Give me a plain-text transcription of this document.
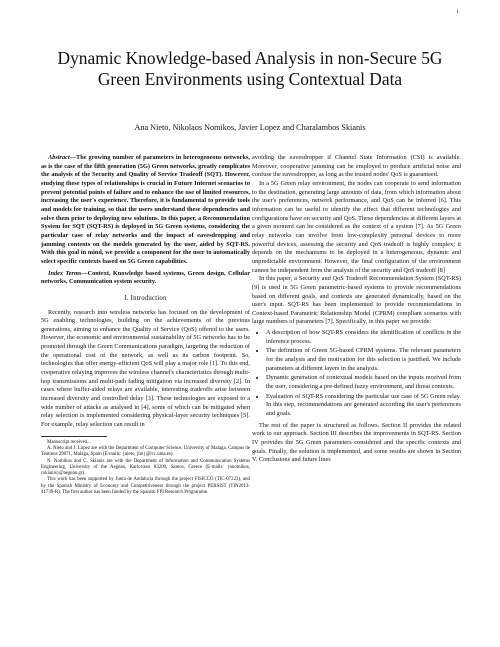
1
Dynamic Knowledge-based Analysis in non-Secure 5G Green Environments using Contextual Data
Ana Nieto, Nikolaos Nomikos, Javier Lopez and Charalambos Skianis

Abstract—The growing number of parameters in heterogeneous networks, as is the case of the fifth generation (5G) Green networks, greatly complicates the analysis of the Security and Quality of Service Tradeoff (SQT). However, studying these types of relationships is crucial in Future Internet scenarios to prevent potential points of failure and to enhance the use of limited resources, increasing the user's experience. Therefore, it is fundamental to provide tools and models for training, so that the users understand these dependencies and solve them prior to deploying new solutions. In this paper, a Recommendation System for SQT (SQT-RS) is deployed in 5G Green systems, considering the particular case of relay networks and the impact of eavesdropping and jamming contents on the models generated by the user, aided by SQT-RS. With this goal in mind, we provide a component for the user to automatically select specific contexts based on 5G Green capabilities.

Index Terms—Context, Knowledge based systems, Green design, Cellular networks, Communication system security.

I. Introduction

Recently, research into wireless networks has focused on the development of 5G enabling technologies, building on the achievements of the previous generations, aiming to enhance the Quality of Service (QoS) offered to the users. However, the economic and environmental sustainability of 5G networks has to be promoted through the Green Communications paradigm, targeting the reduction of the operational cost of the network, as well as its carbon footprint. So, technologies that offer energy-efficient QoS will play a major role [1]. To this end, cooperative relaying improves the wireless channel's characteristics through multi-hop transmissions and multi-path fading mitigation via increased diversity [2]. In cases where buffer-aided relays are available, interesting tradeoffs arise between increased diversity and controlled delay [3]. These technologies are exposed to a wide number of attacks as analysed in [4], some of which can be mitigated when relay selection is implemented considering physical-layer security techniques [5]. For example, relay selection can result in

Manuscript received...

A. Nieto and J. Lopez are with the Department of Computer Science, University of Malaga, Campus de Teatinos 29071, Malaga, Spain (E-mails: {nieto, jlm}@lcc.uma.es).

N. Nomikos and C. Skianis are with the Department of Information and Communication Systems Engineering, University of the Aegean, Karlovassi 83200, Samos, Greece (E-mails: {nnomikos, cskianis}@aegean.gr).

This work has been supported by Junta de Andalucia through the project FISICCO (TIC-07223), and by the Spanish Ministry of Economy and Competitiveness through the project PERSIST (TIN2013-41739-R). The first author has been funded by the Spanish FPI Research Programme.

avoiding the eavesdropper if Channel State Information (CSI) is available. Moreover, cooperative jamming can be employed to produce artificial noise and confuse the eavesdropper, as long as the trusted nodes' QoS is guaranteed.

In a 5G Green relay environment, the nodes can cooperate to send information to the destination, generating large amounts of data, from which information about the user's preferences, network performance, and QoS can be inferred [6]. This information can be useful to identify the effect that different technologies and configurations have on security and QoS. These dependencies at different layers at a given moment can be considered as the context of a system [7]. As 5G Green relay networks can involve from low-complexity personal devices to more powerful devices, assessing the security and QoS tradeoff is highly complex; it depends on the mechanisms to be deployed in a heterogeneous, dynamic and unpredictable environment. However, the final configuration of the environment cannot be independent from the analysis of the security and QoS tradeoff [8]

In this paper, a Security and QoS Tradeoff Recommendation System (SQT-RS) [9] is used in 5G Green parametric-based systems to provide recommendations based on different goals, and contexts are generated dynamically, based on the user's input. SQT-RS has been implemented to provide recommendations in Context-based Parametric Relationship Model (CPRM) compliant scenarios with large numbers of parameters [7]. Specifically, in this paper we provide:

• A description of how SQT-RS considers the identification of conflicts in the inference process.
• The definition of Green 5G-based CPRM systems. The relevant parameters for the analysis and the motivation for this selection is justified. We include parameters at different layers in the analysis.
• Dynamic generation of contextual models based on the inputs received from the user, considering a pre-defined fuzzy environment, and threat contexts.
• Evaluation of SQT-RS considering the particular use case of 5G Green relay. In this step, recommendations are generated according the user's preferences and goals.

The rest of the paper is structured as follows. Section II provides the related work to our approach. Section III describes the improvements in SQT-RS. Section IV provides the 5G Green parameters considered and the specific contexts and goals. Finally, the solution is implemented, and some results are shown in Section V. Conclusions and future lines
